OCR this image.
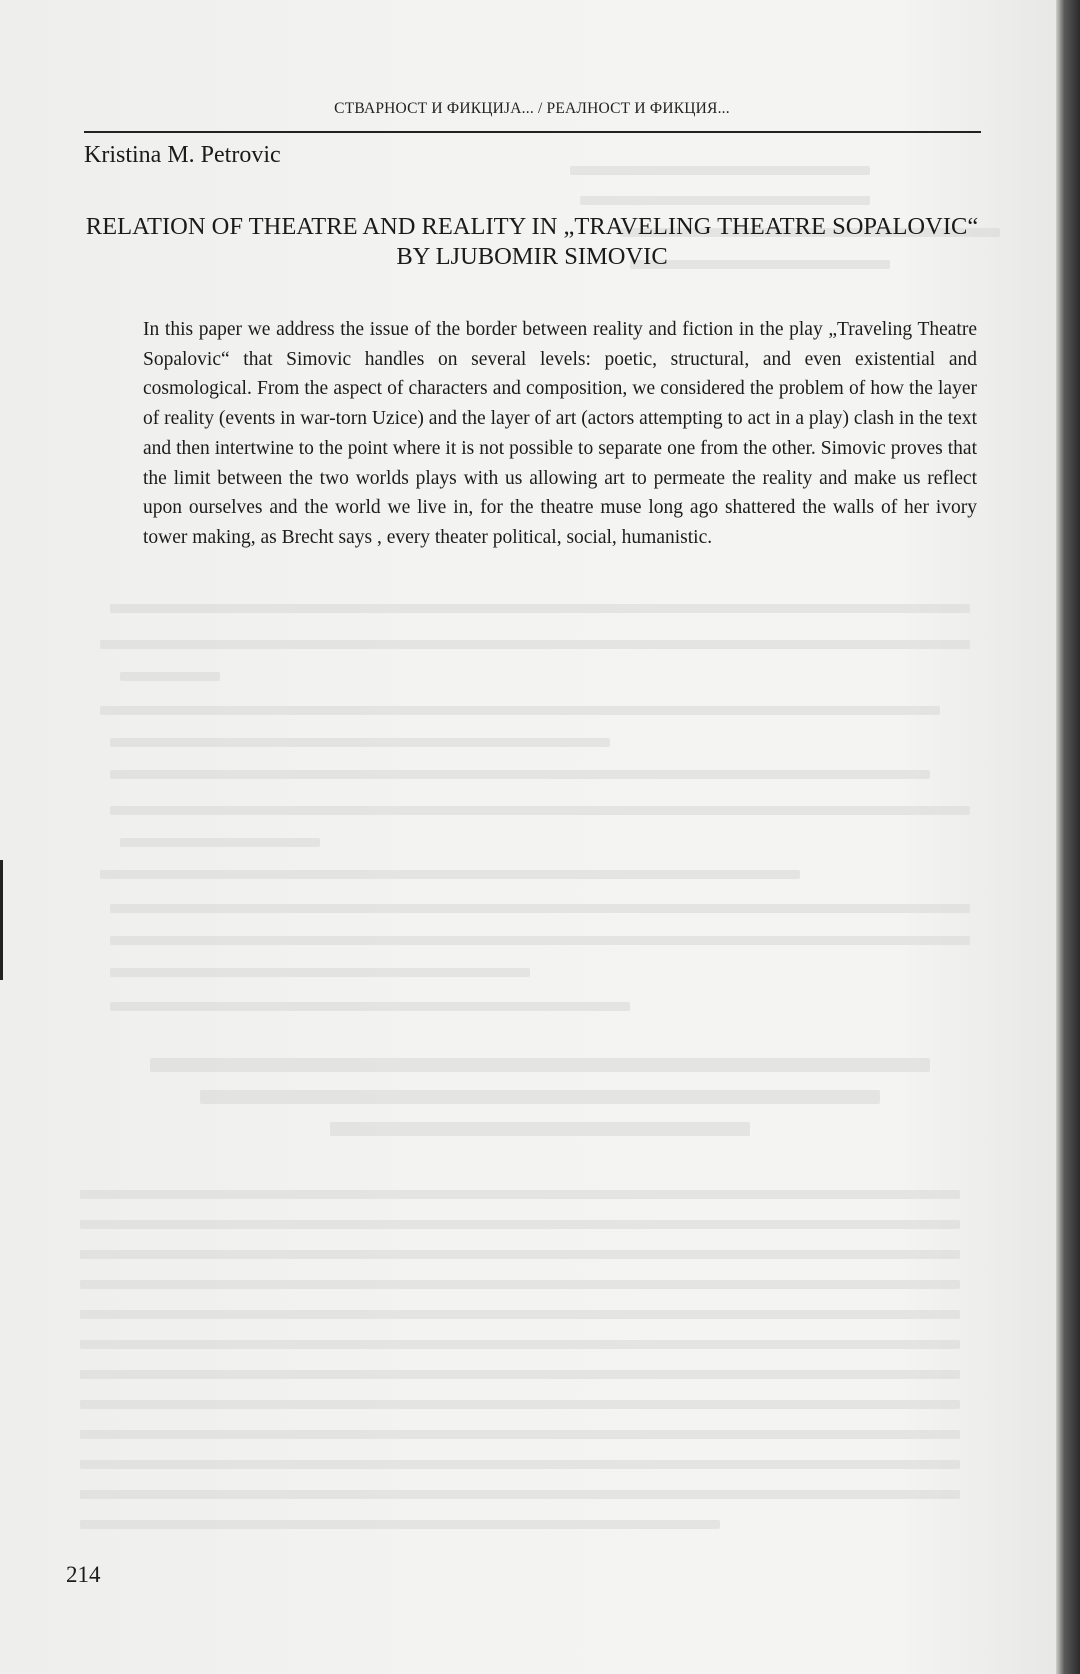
СТВАРНОСТ И ФИКЦИЈА... / РЕАЛНОСТ И ФИКЦИЯ...
Kristina M. Petrovic
RELATION OF THEATRE AND REALITY IN „TRAVELING THEATRE SOPALOVIC“ BY LJUBOMIR SIMOVIC

In this paper we address the issue of the border between reality and fiction in the play „Traveling Theatre Sopalovic“ that Simovic handles on several levels: poetic, structural, and even existential and cosmological. From the aspect of characters and composition, we considered the problem of how the layer of reality (events in war-torn Uzice) and the layer of art (actors attempting to act in a play) clash in the text and then intertwine to the point where it is not possible to separate one from the other. Simovic proves that the limit between the two worlds plays with us allowing art to permeate the reality and make us reflect upon ourselves and the world we live in, for the theatre muse long ago shattered the walls of her ivory tower making, as Brecht says , every theater political, social, humanistic.

214
